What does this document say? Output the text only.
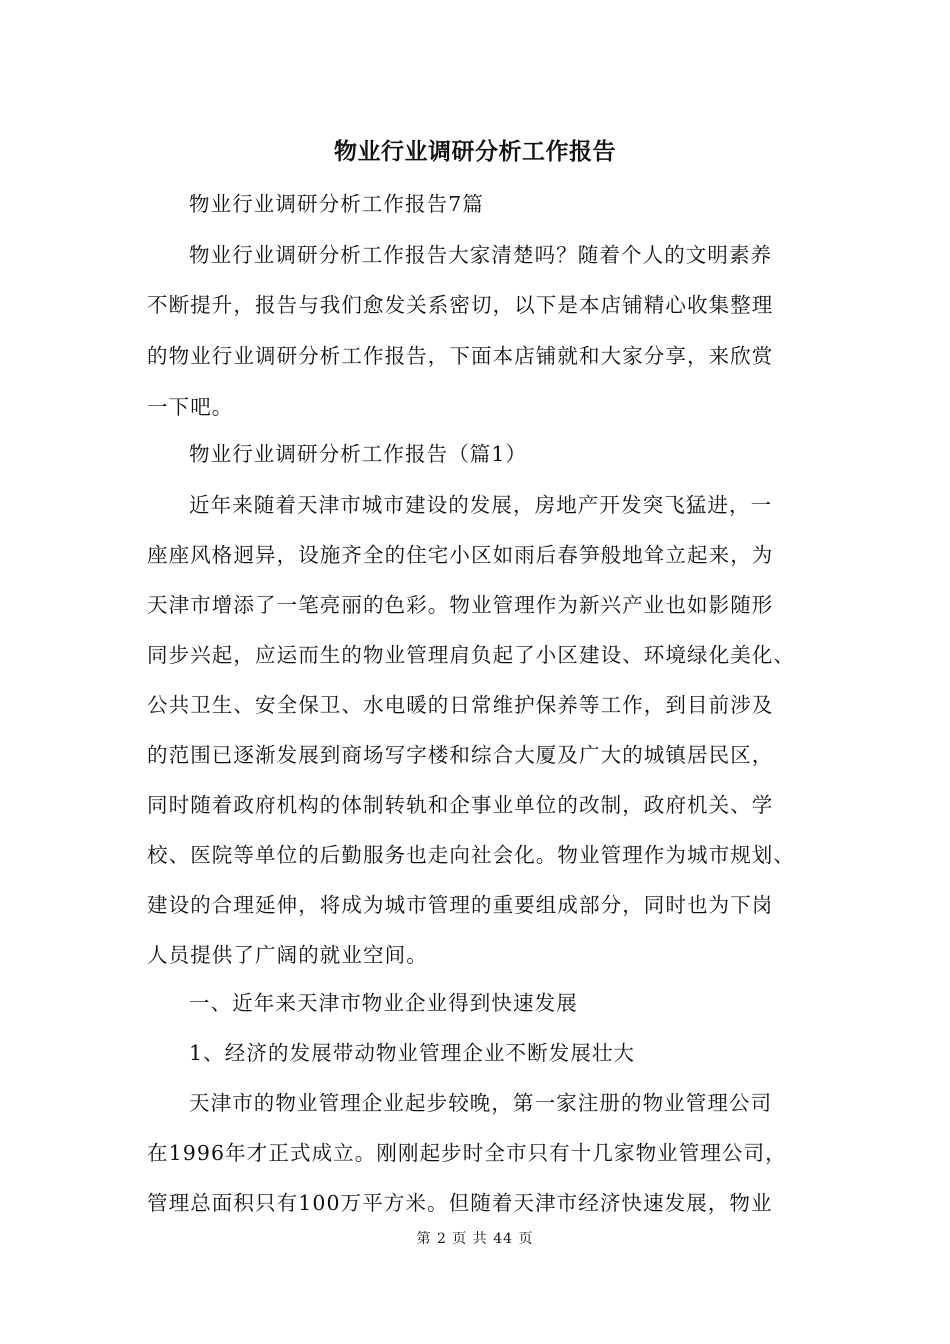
物业行业调研分析工作报告
物业行业调研分析工作报告7篇
物业行业调研分析工作报告大家清楚吗？随着个人的文明素养
不断提升，报告与我们愈发关系密切，以下是本店铺精心收集整理
的物业行业调研分析工作报告，下面本店铺就和大家分享，来欣赏
一下吧。
物业行业调研分析工作报告（篇1）
近年来随着天津市城市建设的发展，房地产开发突飞猛进，一
座座风格迥异，设施齐全的住宅小区如雨后春笋般地耸立起来，为
天津市增添了一笔亮丽的色彩。物业管理作为新兴产业也如影随形
同步兴起，应运而生的物业管理肩负起了小区建设、环境绿化美化、
公共卫生、安全保卫、水电暖的日常维护保养等工作，到目前涉及
的范围已逐渐发展到商场写字楼和综合大厦及广大的城镇居民区，
同时随着政府机构的体制转轨和企事业单位的改制，政府机关、学
校、医院等单位的后勤服务也走向社会化。物业管理作为城市规划、
建设的合理延伸，将成为城市管理的重要组成部分，同时也为下岗
人员提供了广阔的就业空间。
一、近年来天津市物业企业得到快速发展
1、经济的发展带动物业管理企业不断发展壮大
天津市的物业管理企业起步较晚，第一家注册的物业管理公司
在1996年才正式成立。刚刚起步时全市只有十几家物业管理公司，
管理总面积只有100万平方米。但随着天津市经济快速发展，物业
第 2 页 共 44 页
